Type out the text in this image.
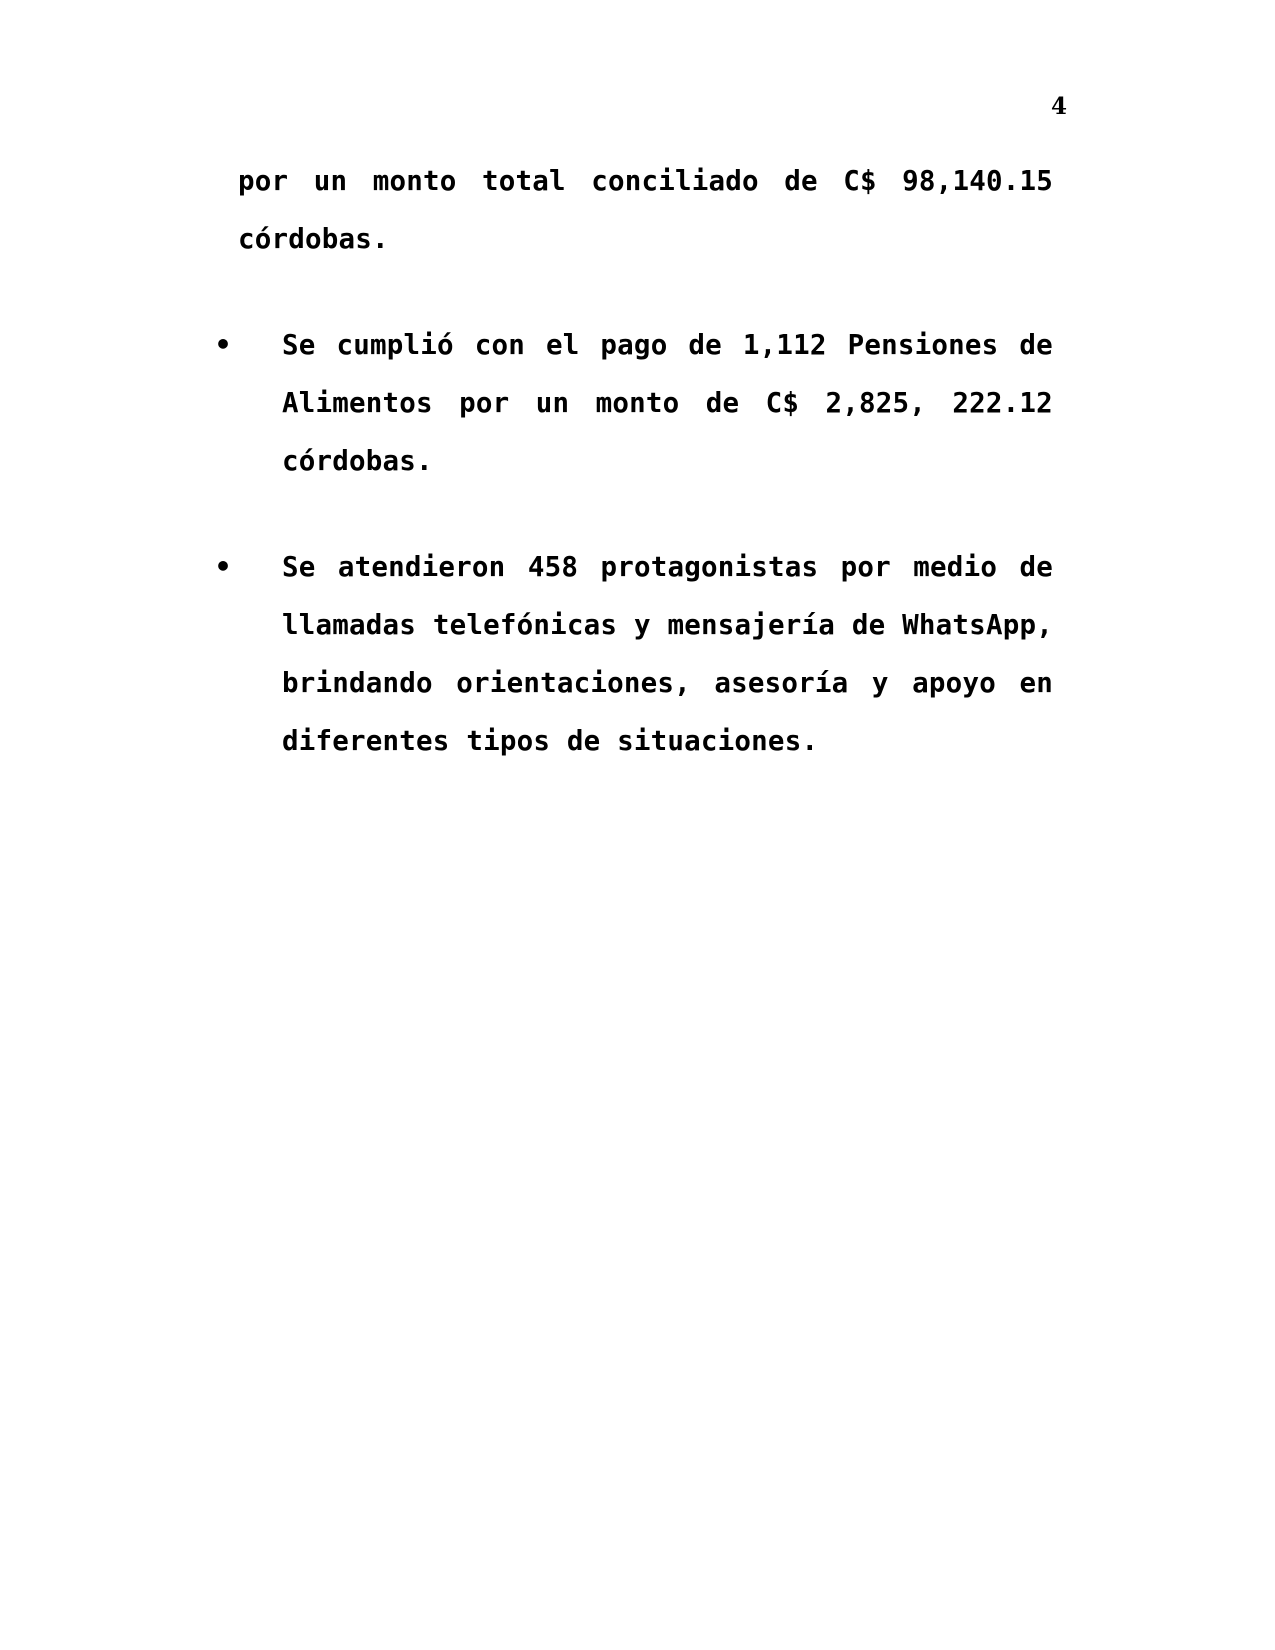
4
por un monto total conciliado de C$ 98,140.15
córdobas.
• Se cumplió con el pago de 1,112 Pensiones de
Alimentos por un monto de C$ 2,825, 222.12
córdobas.
• Se atendieron 458 protagonistas por medio de
llamadas telefónicas y mensajería de WhatsApp,
brindando orientaciones, asesoría y apoyo en
diferentes tipos de situaciones.
